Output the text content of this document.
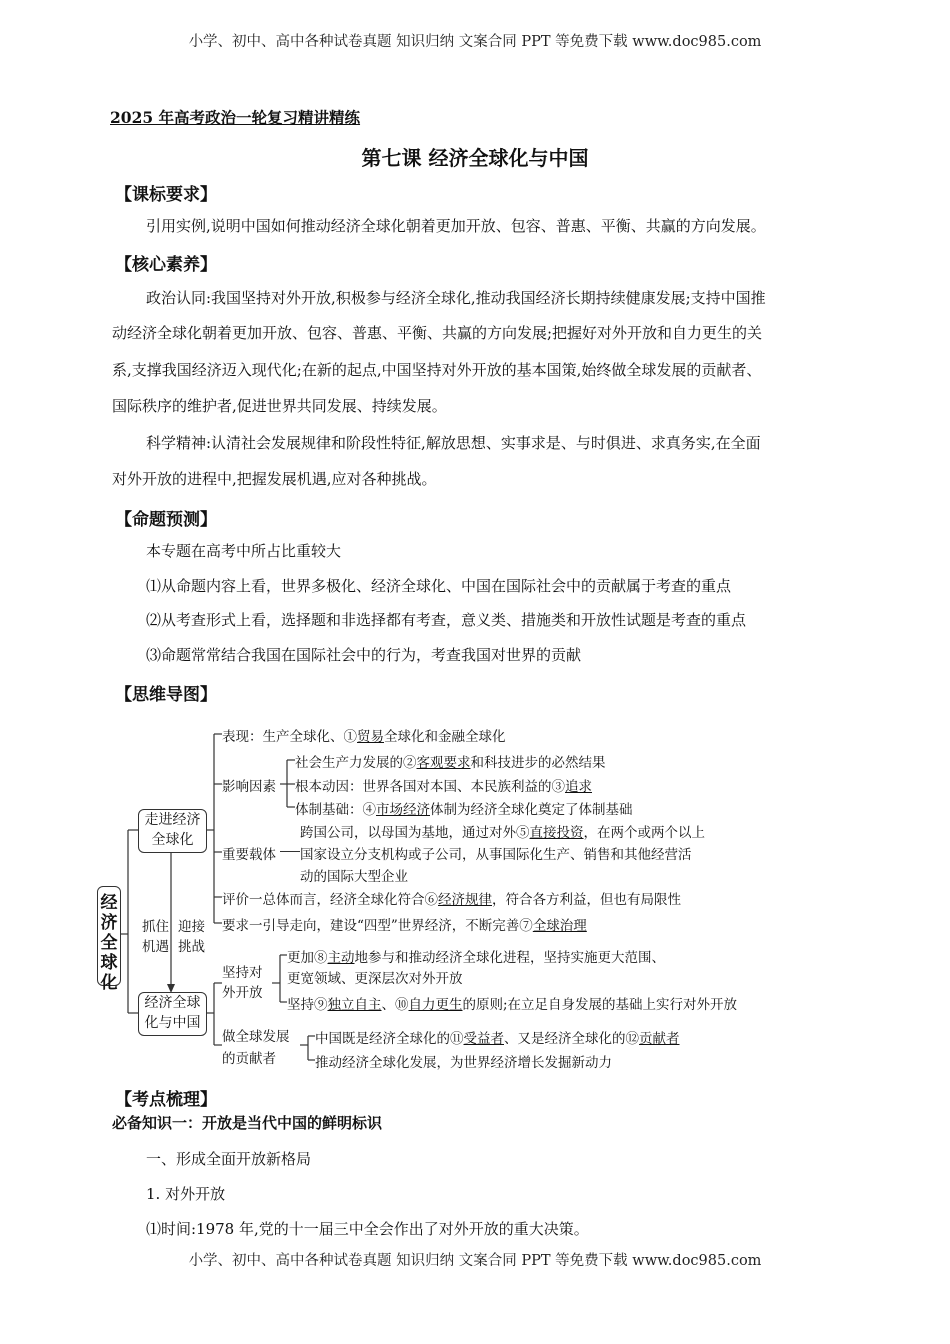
小学、初中、高中各种试卷真题 知识归纳 文案合同 PPT 等免费下载 www.doc985.com
小学、初中、高中各种试卷真题 知识归纳 文案合同 PPT 等免费下载 www.doc985.com
2025 年高考政治一轮复习精讲精练
第七课 经济全球化与中国
【课标要求】
引用实例,说明中国如何推动经济全球化朝着更加开放、包容、普惠、平衡、共赢的方向发展。
【核心素养】
政治认同:我国坚持对外开放,积极参与经济全球化,推动我国经济长期持续健康发展;支持中国推
动经济全球化朝着更加开放、包容、普惠、平衡、共赢的方向发展;把握好对外开放和自力更生的关
系,支撑我国经济迈入现代化;在新的起点,中国坚持对外开放的基本国策,始终做全球发展的贡献者、
国际秩序的维护者,促进世界共同发展、持续发展。
科学精神:认清社会发展规律和阶段性特征,解放思想、实事求是、与时俱进、求真务实,在全面
对外开放的进程中,把握发展机遇,应对各种挑战。
【命题预测】
本专题在高考中所占比重较大
⑴从命题内容上看，世界多极化、经济全球化、中国在国际社会中的贡献属于考查的重点
⑵从考查形式上看，选择题和非选择都有考查，意义类、措施类和开放性试题是考查的重点
⑶命题常常结合我国在国际社会中的行为，考查我国对世界的贡献
【思维导图】
经济全球化
走进经济
全球化
经济全球
化与中国
抓住
机遇
迎接
挑战
表现：生产全球化、①贸易全球化和金融全球化
影响因素
社会生产力发展的②客观要求和科技进步的必然结果
根本动因：世界各国对本国、本民族利益的③追求
体制基础：④市场经济体制为经济全球化奠定了体制基础
重要载体
跨国公司，以母国为基地，通过对外⑤直接投资，在两个或两个以上
国家设立分支机构或子公司，从事国际化生产、销售和其他经营活
动的国际大型企业
评价一总体而言，经济全球化符合⑥经济规律，符合各方利益，但也有局限性
要求一引导走向，建设“四型”世界经济，不断完善⑦全球治理
坚持对
外开放
更加⑧主动地参与和推动经济全球化进程，坚持实施更大范围、
更宽领域、更深层次对外开放
坚持⑨独立自主、⑩自力更生的原则;在立足自身发展的基础上实行对外开放
做全球发展
的贡献者
中国既是经济全球化的⑪受益者、又是经济全球化的⑫贡献者
推动经济全球化发展，为世界经济增长发掘新动力
【考点梳理】
必备知识一：开放是当代中国的鲜明标识
一、形成全面开放新格局
1. 对外开放
⑴时间:1978 年,党的十一届三中全会作出了对外开放的重大决策。
